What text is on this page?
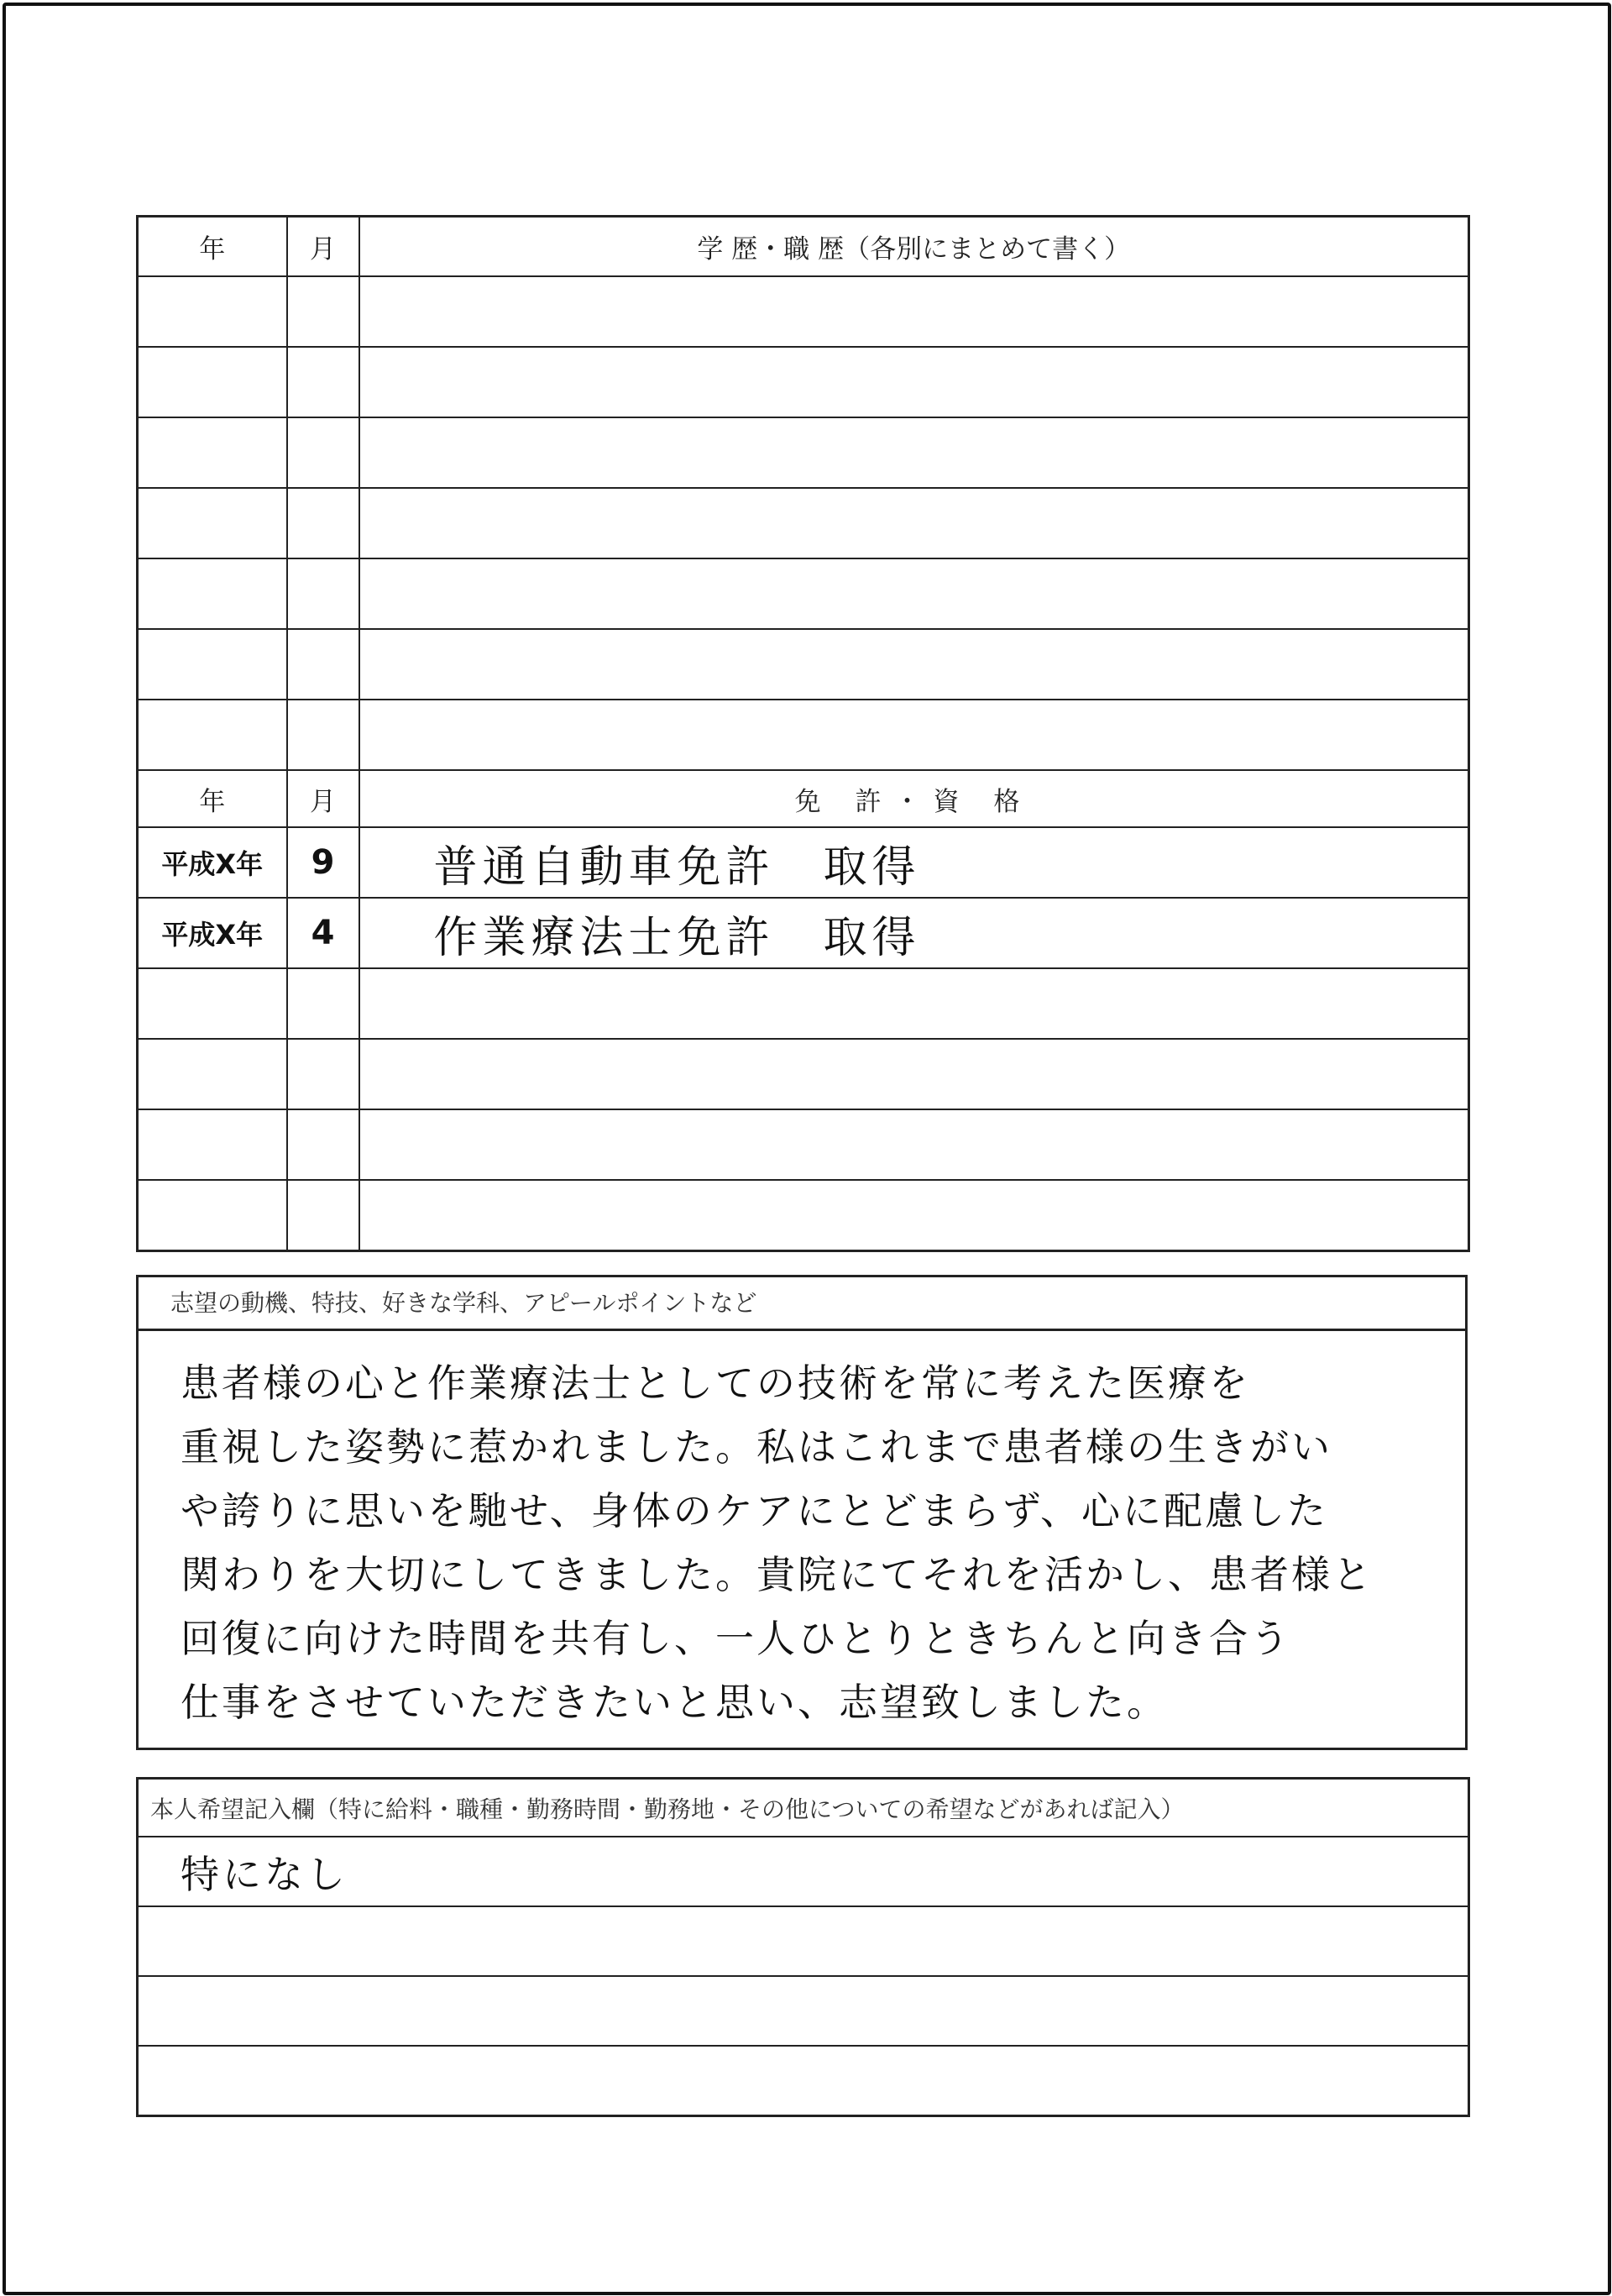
年	月	学 歴・職 歴（各別にまとめて書く）

年	月	免 許・資 格
平成X年	9	普通自動車免許　取得
平成X年	4	作業療法士免許　取得

志望の動機、特技、好きな学科、アピールポイントなど
患者様の心と作業療法士としての技術を常に考えた医療を
重視した姿勢に惹かれました。私はこれまで患者様の生きがい
や誇りに思いを馳せ、身体のケアにとどまらず、心に配慮した
関わりを大切にしてきました。貴院にてそれを活かし、患者様と
回復に向けた時間を共有し、一人ひとりときちんと向き合う
仕事をさせていただきたいと思い、志望致しました。
本人希望記入欄（特に給料・職種・勤務時間・勤務地・その他についての希望などがあれば記入）
特になし
